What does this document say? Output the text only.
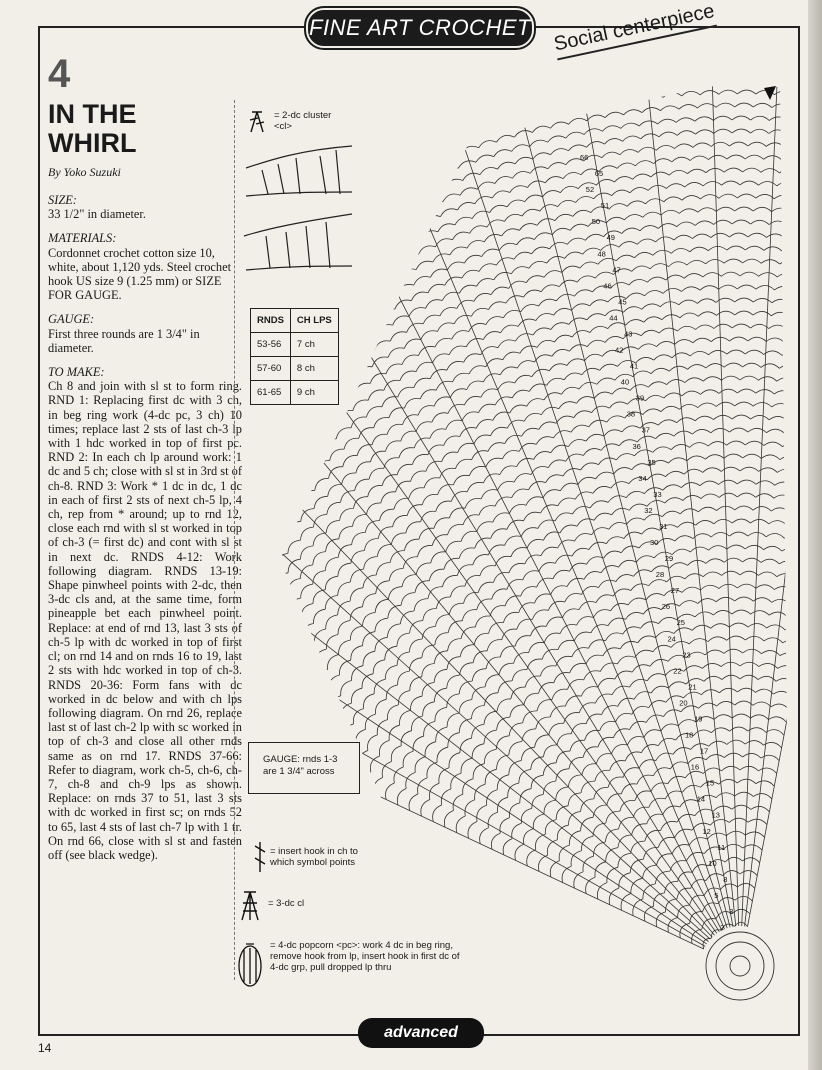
FINE ART CROCHET Social centerpiece
4
IN THE WHIRL
By Yoko Suzuki
SIZE:

33 1/2" in diameter.

MATERIALS:

Cordonnet crochet cotton size 10, white, about 1,120 yds. Steel crochet hook US size 9 (1.25 mm) or SIZE FOR GAUGE.

GAUGE:

First three rounds are 1 3/4" in diameter.

TO MAKE:

Ch 8 and join with sl st to form ring. RND 1: Replacing first dc with 3 ch, in beg ring work (4-dc pc, 3 ch) 10 times; replace last 2 sts of last ch-3 lp with 1 hdc worked in top of first pc. RND 2: In each ch lp around work: 1 dc and 5 ch; close with sl st in 3rd st of ch-8. RND 3: Work * 1 dc in dc, 1 dc in each of first 2 sts of next ch-5 lp, 4 ch, rep from * around; up to rnd 12, close each rnd with sl st worked in top of ch-3 (= first dc) and cont with sl st in next dc. RNDS 4-12: Work following diagram. RNDS 13-19: Shape pinwheel points with 2-dc, then 3-dc cls and, at the same time, form pineapple bet each pinwheel point. Replace: at end of rnd 13, last 3 sts of ch-5 lp with dc worked in top of first cl; on rnd 14 and on rnds 16 to 19, last 2 sts with hdc worked in top of ch-3. RNDS 20-36: Form fans with dc worked in dc below and with ch lps following diagram. On rnd 26, replace last st of last ch-2 lp with sc worked in top of ch-3 and close all other rnds same as on rnd 17. RNDS 37-66: Refer to diagram, work ch-5, ch-6, ch-7, ch-8 and ch-9 lps as shown. Replace: on rnds 37 to 51, last 3 sts with dc worked in first sc; on rnds 52 to 65, last 4 sts of last ch-7 lp with 1 tr. On rnd 66, close with sl st and fasten off (see black wedge).

= 2-dc cluster <cl>
RNDS	CH LPS
53-56	7 ch
57-60	8 ch
61-65	9 ch
GAUGE: rnds 1-3 are 1 3/4" across
= insert hook in ch to which symbol points
= 3-dc cl
= 4-dc popcorn <pc>: work 4 dc in beg ring, remove hook from lp, insert hook in first dc of 4-dc grp, pull dropped lp thru
2
3
5
8
10
11
12
13
14
15
16
17
18
19
20
21
22
23
24
25
26
27
28
29
30
31
32
33
34
35
36
37
38
39
40
41
42
43
44
45
46
47
48
49
50
51
52
65
66
14
advanced
